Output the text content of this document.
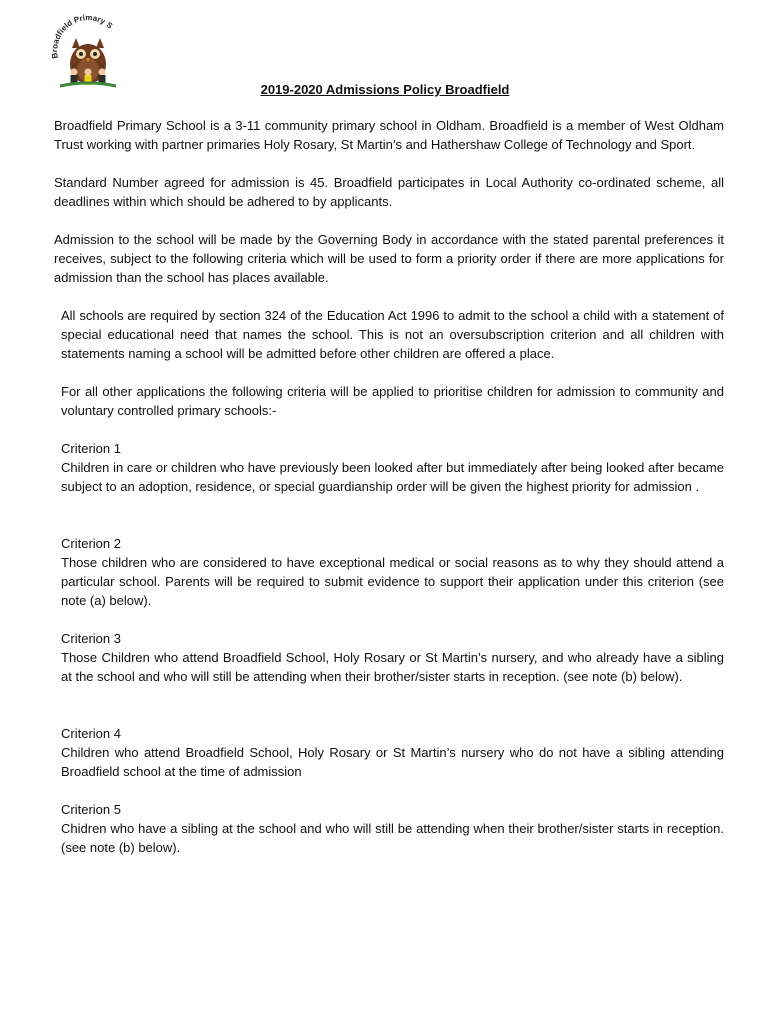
Broadfield Primary S
2019-2020 Admissions Policy Broadfield
Broadfield Primary School is a 3-11 community primary school in Oldham. Broadfield is a member of West Oldham Trust working with partner primaries Holy Rosary, St Martin’s and Hathershaw College of Technology and Sport.
Standard Number agreed for admission is 45. Broadfield participates in Local Authority co-ordinated scheme, all deadlines within which should be adhered to by applicants.
Admission to the school will be made by the Governing Body in accordance with the stated parental preferences it receives, subject to the following criteria which will be used to form a priority order if there are more applications for admission than the school has places available.
All schools are required by section 324 of the Education Act 1996 to admit to the school a child with a statement of special educational need that names the school. This is not an oversubscription criterion and all children with statements naming a school will be admitted before other children are offered a place.
For all other applications the following criteria will be applied to prioritise children for admission to community and voluntary controlled primary schools:-
Criterion 1
Children in care or children who have previously been looked after but immediately after being looked after became subject to an adoption, residence, or special guardianship order will be given the highest priority for admission .
Criterion 2
Those children who are considered to have exceptional medical or social reasons as to why they should attend a particular school. Parents will be required to submit evidence to support their application under this criterion (see note (a) below).
Criterion 3
Those Children who attend Broadfield School, Holy Rosary or St Martin’s nursery, and who already have a sibling at the school and who will still be attending when their brother/sister starts in reception. (see note (b) below).
Criterion 4
Children who attend Broadfield School, Holy Rosary or St Martin’s nursery who do not have a sibling attending Broadfield school at the time of admission
Criterion 5
Chidren who have a sibling at the school and who will still be attending when their brother/sister starts in reception. (see note (b) below).
